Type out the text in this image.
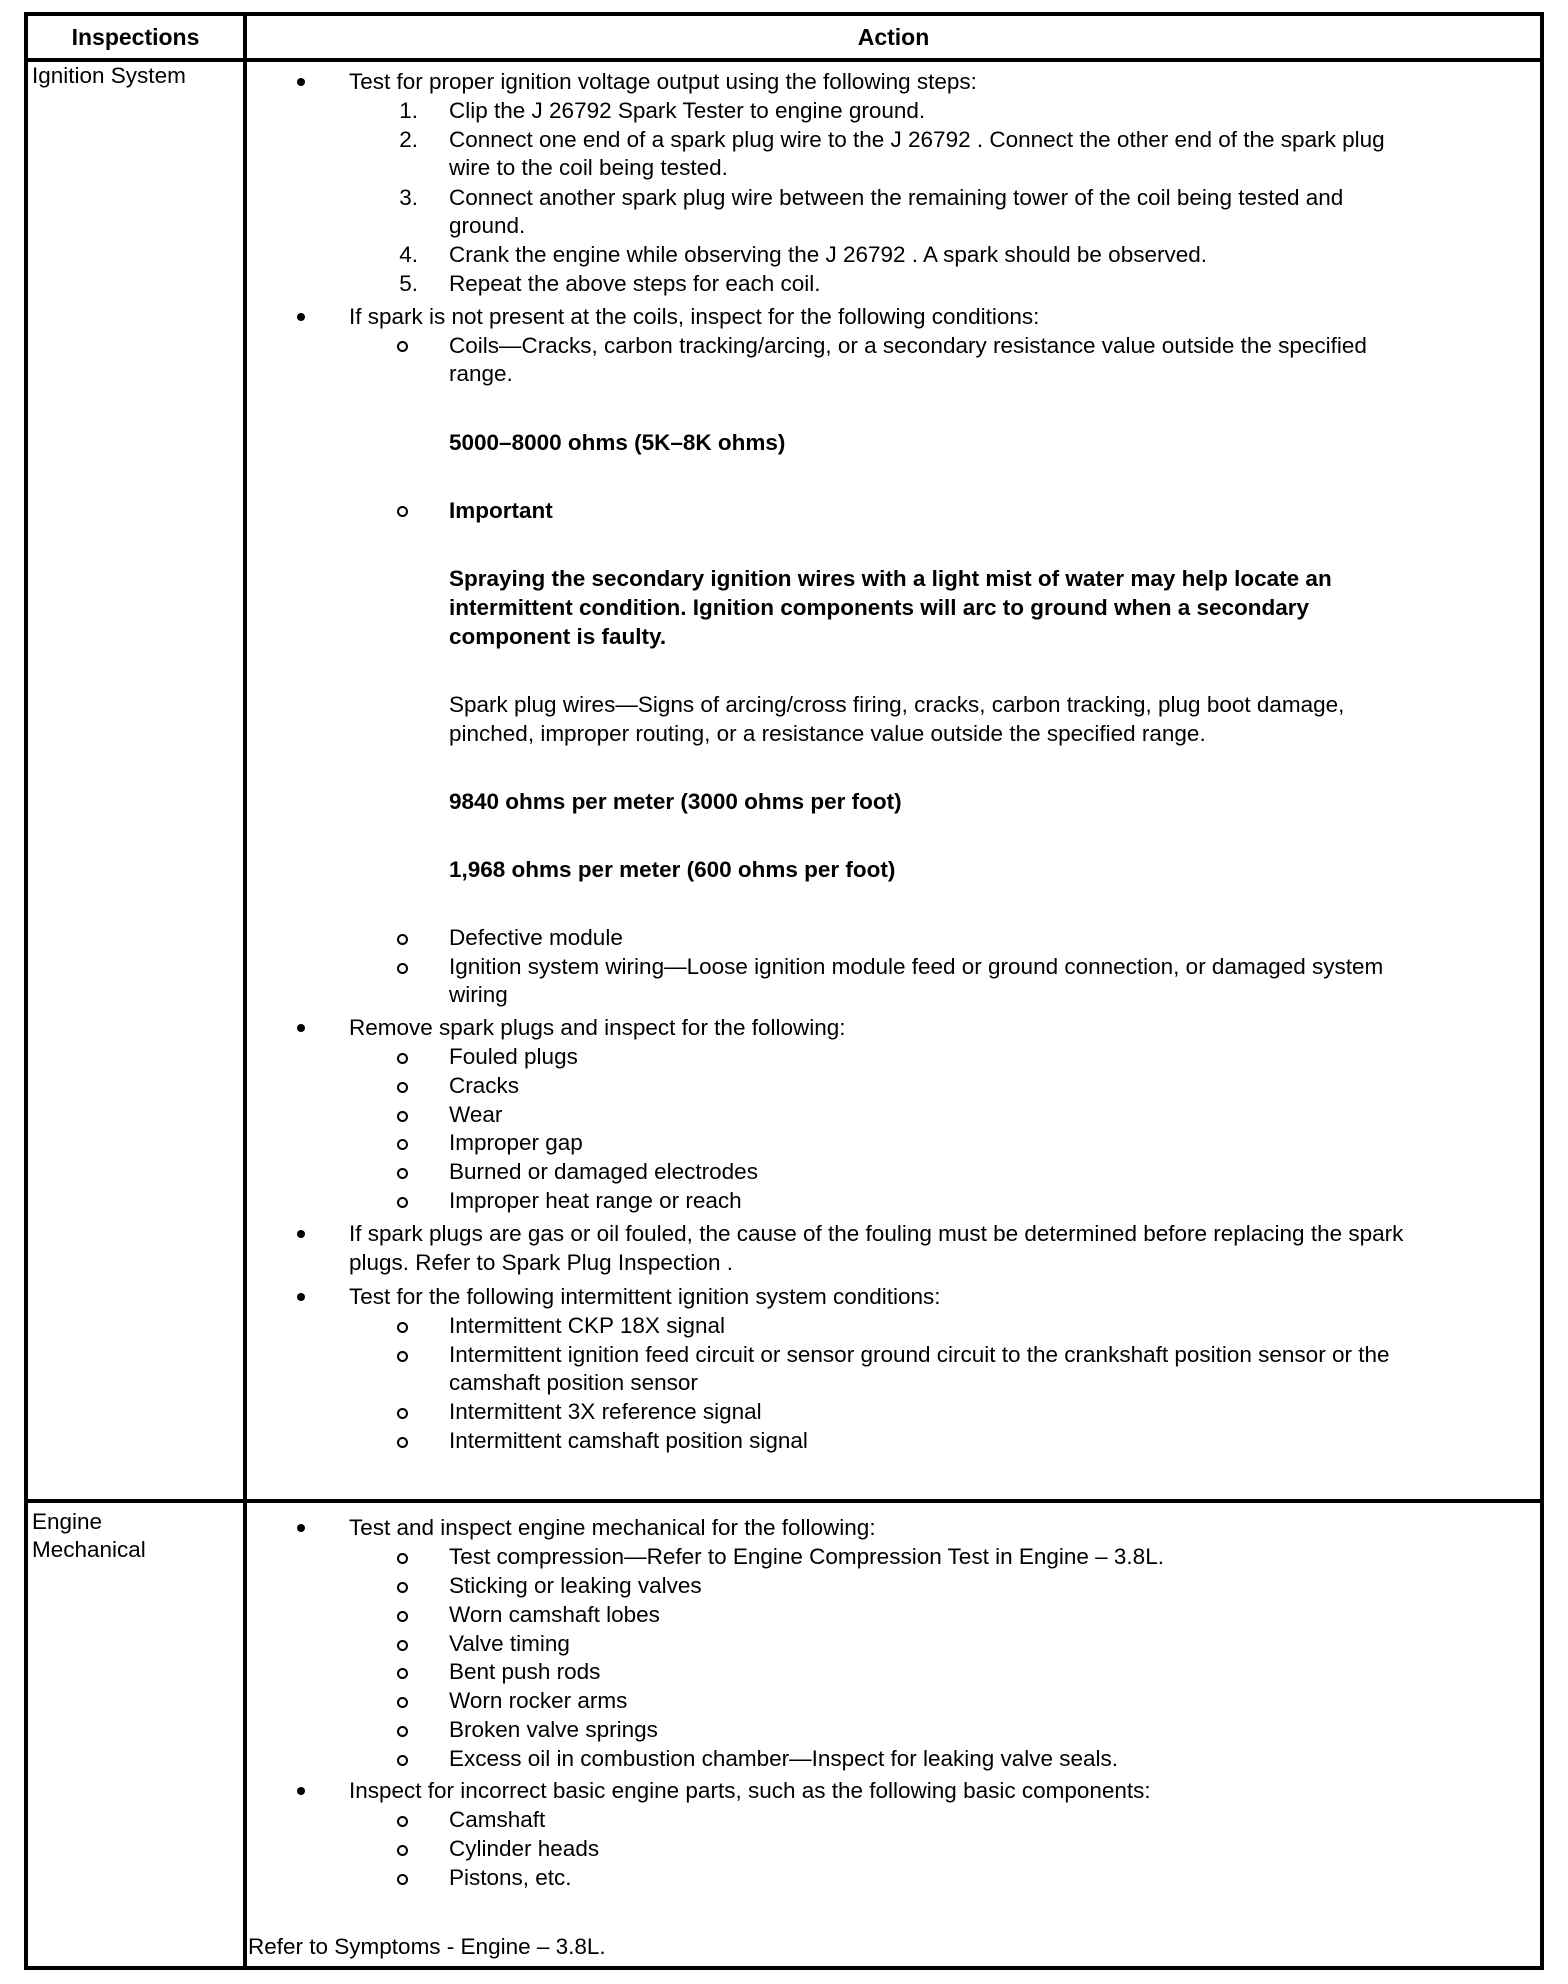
Inspections	Action
Ignition System	Test for proper ignition voltage output using the following steps:
1. Clip the J 26792 Spark Tester to engine ground.
2. Connect one end of a spark plug wire to the J 26792 . Connect the other end of the spark plug
wire to the coil being tested.
3. Connect another spark plug wire between the remaining tower of the coil being tested and
ground.
4. Crank the engine while observing the J 26792 . A spark should be observed.
5. Repeat the above steps for each coil.
If spark is not present at the coils, inspect for the following conditions:
Coils—Cracks, carbon tracking/arcing, or a secondary resistance value outside the specified
range.
5000–8000 ohms (5K–8K ohms)
Important
Spraying the secondary ignition wires with a light mist of water may help locate an
intermittent condition. Ignition components will arc to ground when a secondary
component is faulty.
Spark plug wires—Signs of arcing/cross firing, cracks, carbon tracking, plug boot damage,
pinched, improper routing, or a resistance value outside the specified range.
9840 ohms per meter (3000 ohms per foot)
1,968 ohms per meter (600 ohms per foot)
Defective module
Ignition system wiring—Loose ignition module feed or ground connection, or damaged system
wiring
Remove spark plugs and inspect for the following:
Fouled plugs
Cracks
Wear
Improper gap
Burned or damaged electrodes
Improper heat range or reach
If spark plugs are gas or oil fouled, the cause of the fouling must be determined before replacing the spark
plugs. Refer to Spark Plug Inspection .
Test for the following intermittent ignition system conditions:
Intermittent CKP 18X signal
Intermittent ignition feed circuit or sensor ground circuit to the crankshaft position sensor or the
camshaft position sensor
Intermittent 3X reference signal
Intermittent camshaft position signal
Engine
Mechanical
Test and inspect engine mechanical for the following:
Test compression—Refer to Engine Compression Test in Engine – 3.8L.
Sticking or leaking valves
Worn camshaft lobes
Valve timing
Bent push rods
Worn rocker arms
Broken valve springs
Excess oil in combustion chamber—Inspect for leaking valve seals.
Inspect for incorrect basic engine parts, such as the following basic components:
Camshaft
Cylinder heads
Pistons, etc.
Refer to Symptoms - Engine – 3.8L.
